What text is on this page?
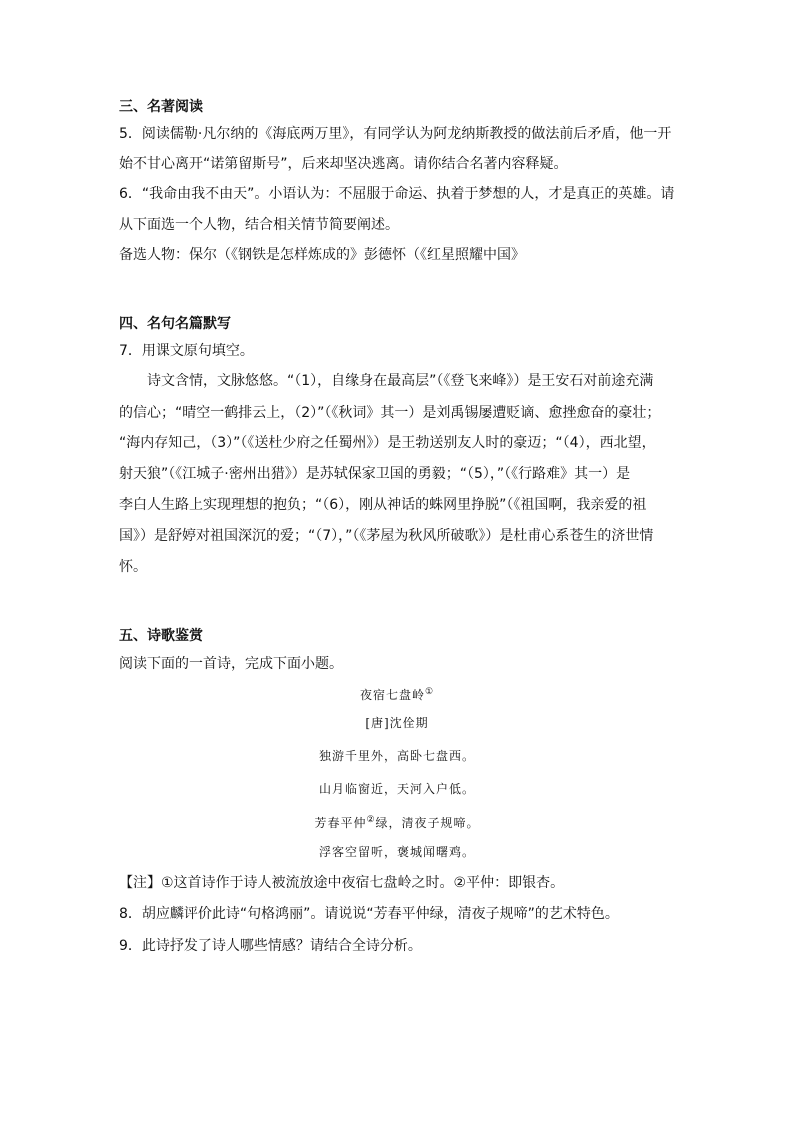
三、名著阅读
5．阅读儒勒·凡尔纳的《海底两万里》，有同学认为阿龙纳斯教授的做法前后矛盾，他一开
始不甘心离开“诺第留斯号”，后来却坚决逃离。请你结合名著内容释疑。
6．“我命由我不由天”。小语认为：不屈服于命运、执着于梦想的人，才是真正的英雄。请
从下面选一个人物，结合相关情节简要阐述。
备选人物：保尔（《钢铁是怎样炼成的》彭德怀（《红星照耀中国》
四、名句名篇默写
7．用课文原句填空。
诗文含情，文脉悠悠。“（1），自缘身在最高层”（《登飞来峰》）是王安石对前途充满
的信心；“晴空一鹤排云上，（2）”（《秋词》其一）是刘禹锡屡遭贬谪、愈挫愈奋的豪壮；
“海内存知己，（3）”（《送杜少府之任蜀州》）是王勃送别友人时的豪迈；“（4），西北望，
射天狼”（《江城子·密州出猎》）是苏轼保家卫国的勇毅；“（5），”（《行路难》其一）是
李白人生路上实现理想的抱负；“（6），刚从神话的蛛网里挣脱”（《祖国啊，我亲爱的祖
国》）是舒婷对祖国深沉的爱；“（7），”（《茅屋为秋风所破歌》）是杜甫心系苍生的济世情
怀。
五、诗歌鉴赏
阅读下面的一首诗，完成下面小题。
夜宿七盘岭①
[唐]沈佺期
独游千里外，高卧七盘西。
山月临窗近，天河入户低。
芳春平仲②绿，清夜子规啼。
浮客空留听，褒城闻曙鸡。
【注】①这首诗作于诗人被流放途中夜宿七盘岭之时。②平仲：即银杏。
8．胡应麟评价此诗“句格鸿丽”。请说说“芳春平仲绿，清夜子规啼”的艺术特色。
9．此诗抒发了诗人哪些情感？请结合全诗分析。
